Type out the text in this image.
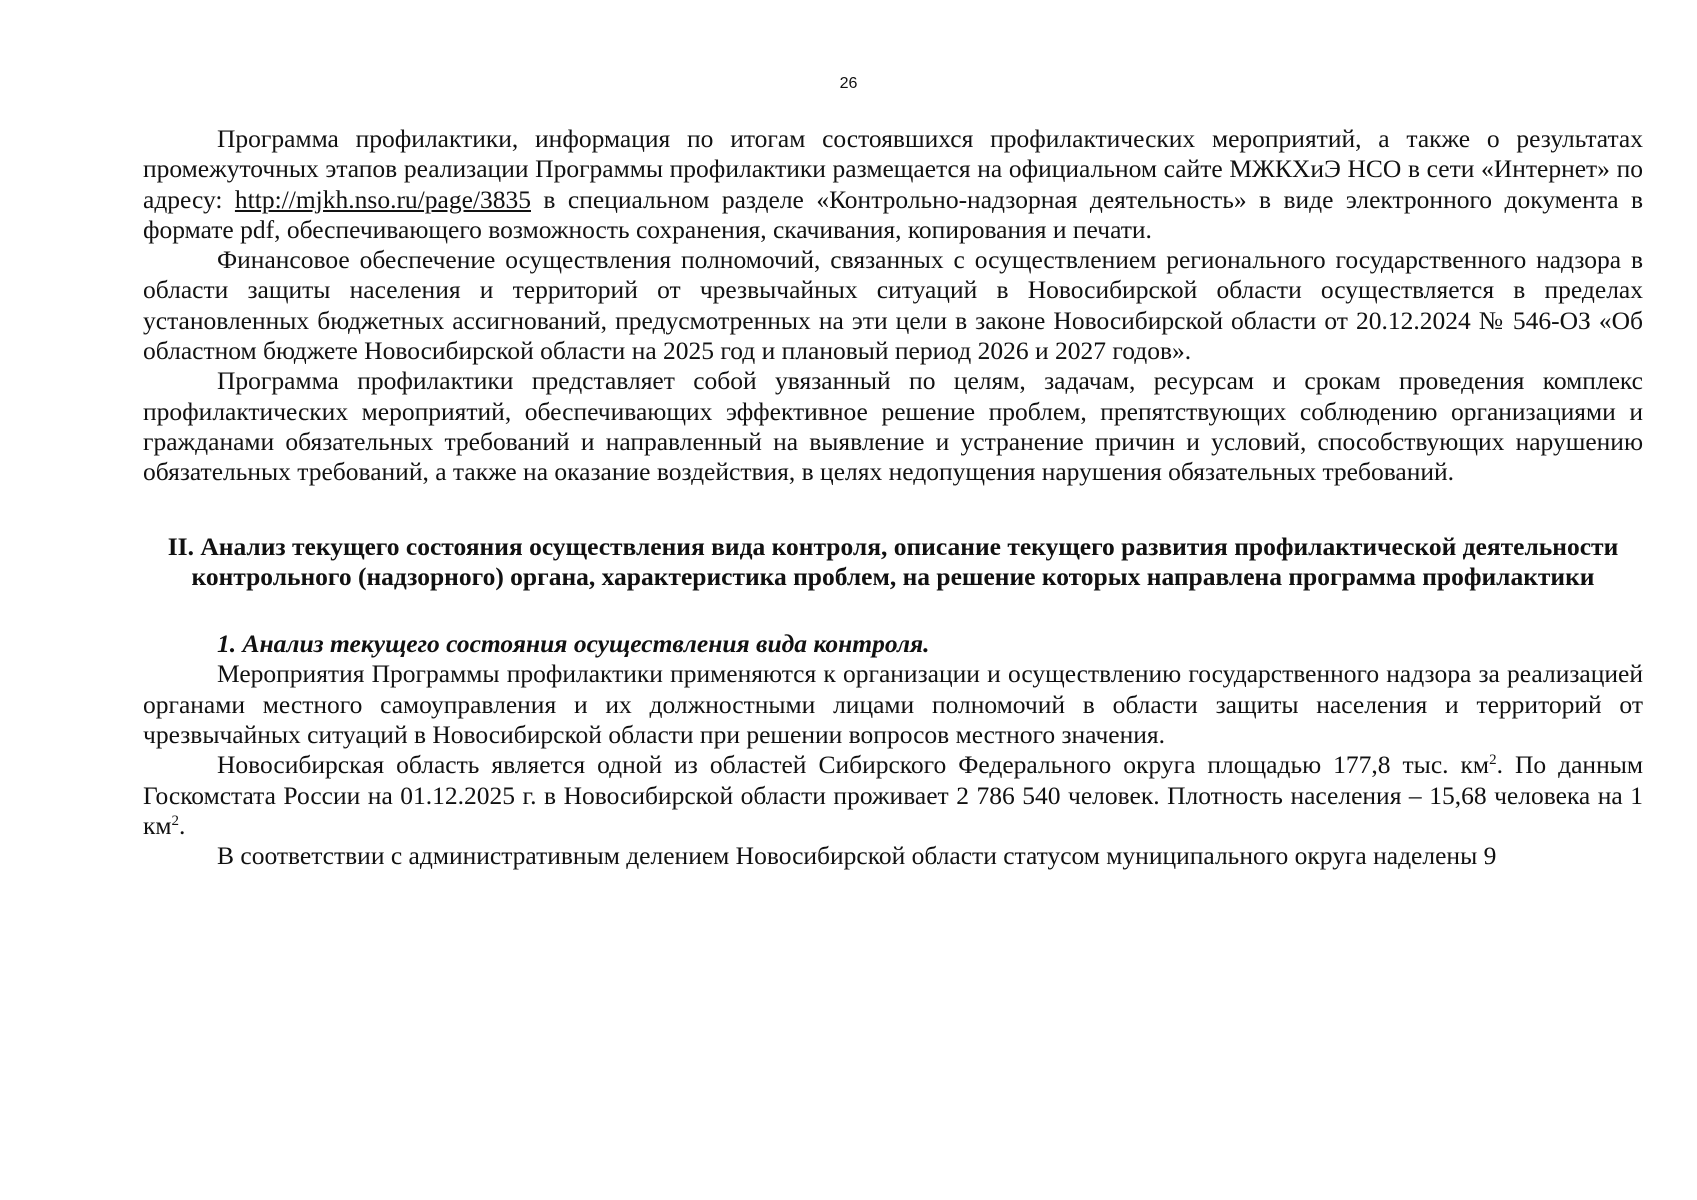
26

Программа профилактики, информация по итогам состоявшихся профилактических мероприятий, а также о результатах промежуточных этапов реализации Программы профилактики размещается на официальном сайте МЖКХиЭ НСО в сети «Интернет» по адресу: http://mjkh.nso.ru/page/3835 в специальном разделе «Контрольно-надзорная деятельность» в виде электронного документа в формате pdf, обеспечивающего возможность сохранения, скачивания, копирования и печати.

Финансовое обеспечение осуществления полномочий, связанных с осуществлением регионального государственного надзора в области защиты населения и территорий от чрезвычайных ситуаций в Новосибирской области осуществляется в пределах установленных бюджетных ассигнований, предусмотренных на эти цели в законе Новосибирской области от 20.12.2024 № 546-ОЗ «Об областном бюджете Новосибирской области на 2025 год и плановый период 2026 и 2027 годов».

Программа профилактики представляет собой увязанный по целям, задачам, ресурсам и срокам проведения комплекс профилактических мероприятий, обеспечивающих эффективное решение проблем, препятствующих соблюдению организациями и гражданами обязательных требований и направленный на выявление и устранение причин и условий, способствующих нарушению обязательных требований, а также на оказание воздействия, в целях недопущения нарушения обязательных требований.

II. Анализ текущего состояния осуществления вида контроля, описание текущего развития профилактической деятельности контрольного (надзорного) органа, характеристика проблем, на решение которых направлена программа профилактики
1. Анализ текущего состояния осуществления вида контроля.

Мероприятия Программы профилактики применяются к организации и осуществлению государственного надзора за реализацией органами местного самоуправления и их должностными лицами полномочий в области защиты населения и территорий от чрезвычайных ситуаций в Новосибирской области при решении вопросов местного значения.

Новосибирская область является одной из областей Сибирского Федерального округа площадью 177,8 тыс. $км^2$. По данным Госкомстата России на 01.12.2025 г. в Новосибирской области проживает 2 786 540 человек. Плотность населения – 15,68 человека на 1 $км^2$.

В соответствии с административным делением Новосибирской области статусом муниципального округа наделены 9
